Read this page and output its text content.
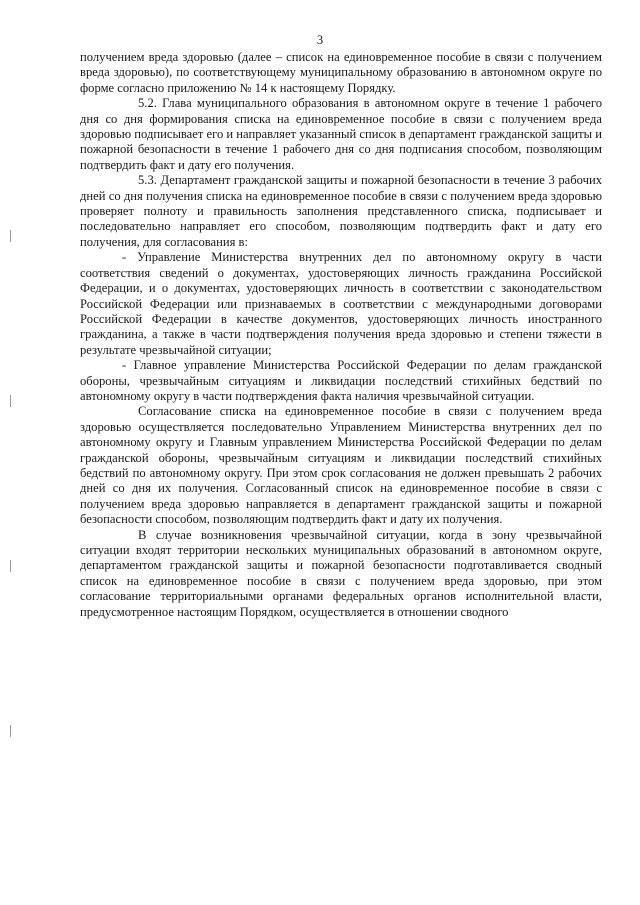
3

получением вреда здоровью (далее – список на единовременное пособие в связи с получением вреда здоровью), по соответствующему муниципальному образованию в автономном округе по форме согласно приложению № 14 к настоящему Порядку.

5.2. Глава муниципального образования в автономном округе в течение 1 рабочего дня со дня формирования списка на единовременное пособие в связи с получением вреда здоровью подписывает его и направляет указанный список в департамент гражданской защиты и пожарной безопасности в течение 1 рабочего дня со дня подписания способом, позволяющим подтвердить факт и дату его получения.

5.3. Департамент гражданской защиты и пожарной безопасности в течение 3 рабочих дней со дня получения списка на единовременное пособие в связи с получением вреда здоровью проверяет полноту и правильность заполнения представленного списка, подписывает и последовательно направляет его способом, позволяющим подтвердить факт и дату его получения, для согласования в:

- Управление Министерства внутренних дел по автономному округу в части соответствия сведений о документах, удостоверяющих личность гражданина Российской Федерации, и о документах, удостоверяющих личность в соответствии с законодательством Российской Федерации или признаваемых в соответствии с международными договорами Российской Федерации в качестве документов, удостоверяющих личность иностранного гражданина, а также в части подтверждения получения вреда здоровью и степени тяжести в результате чрезвычайной ситуации;

- Главное управление Министерства Российской Федерации по делам гражданской обороны, чрезвычайным ситуациям и ликвидации последствий стихийных бедствий по автономному округу в части подтверждения факта наличия чрезвычайной ситуации.

Согласование списка на единовременное пособие в связи с получением вреда здоровью осуществляется последовательно Управлением Министерства внутренних дел по автономному округу и Главным управлением Министерства Российской Федерации по делам гражданской обороны, чрезвычайным ситуациям и ликвидации последствий стихийных бедствий по автономному округу. При этом срок согласования не должен превышать 2 рабочих дней со дня их получения. Согласованный список на единовременное пособие в связи с получением вреда здоровью направляется в департамент гражданской защиты и пожарной безопасности способом, позволяющим подтвердить факт и дату их получения.

В случае возникновения чрезвычайной ситуации, когда в зону чрезвычайной ситуации входят территории нескольких муниципальных образований в автономном округе, департаментом гражданской защиты и пожарной безопасности подготавливается сводный список на единовременное пособие в связи с получением вреда здоровью, при этом согласование территориальными органами федеральных органов исполнительной власти, предусмотренное настоящим Порядком, осуществляется в отношении сводного
